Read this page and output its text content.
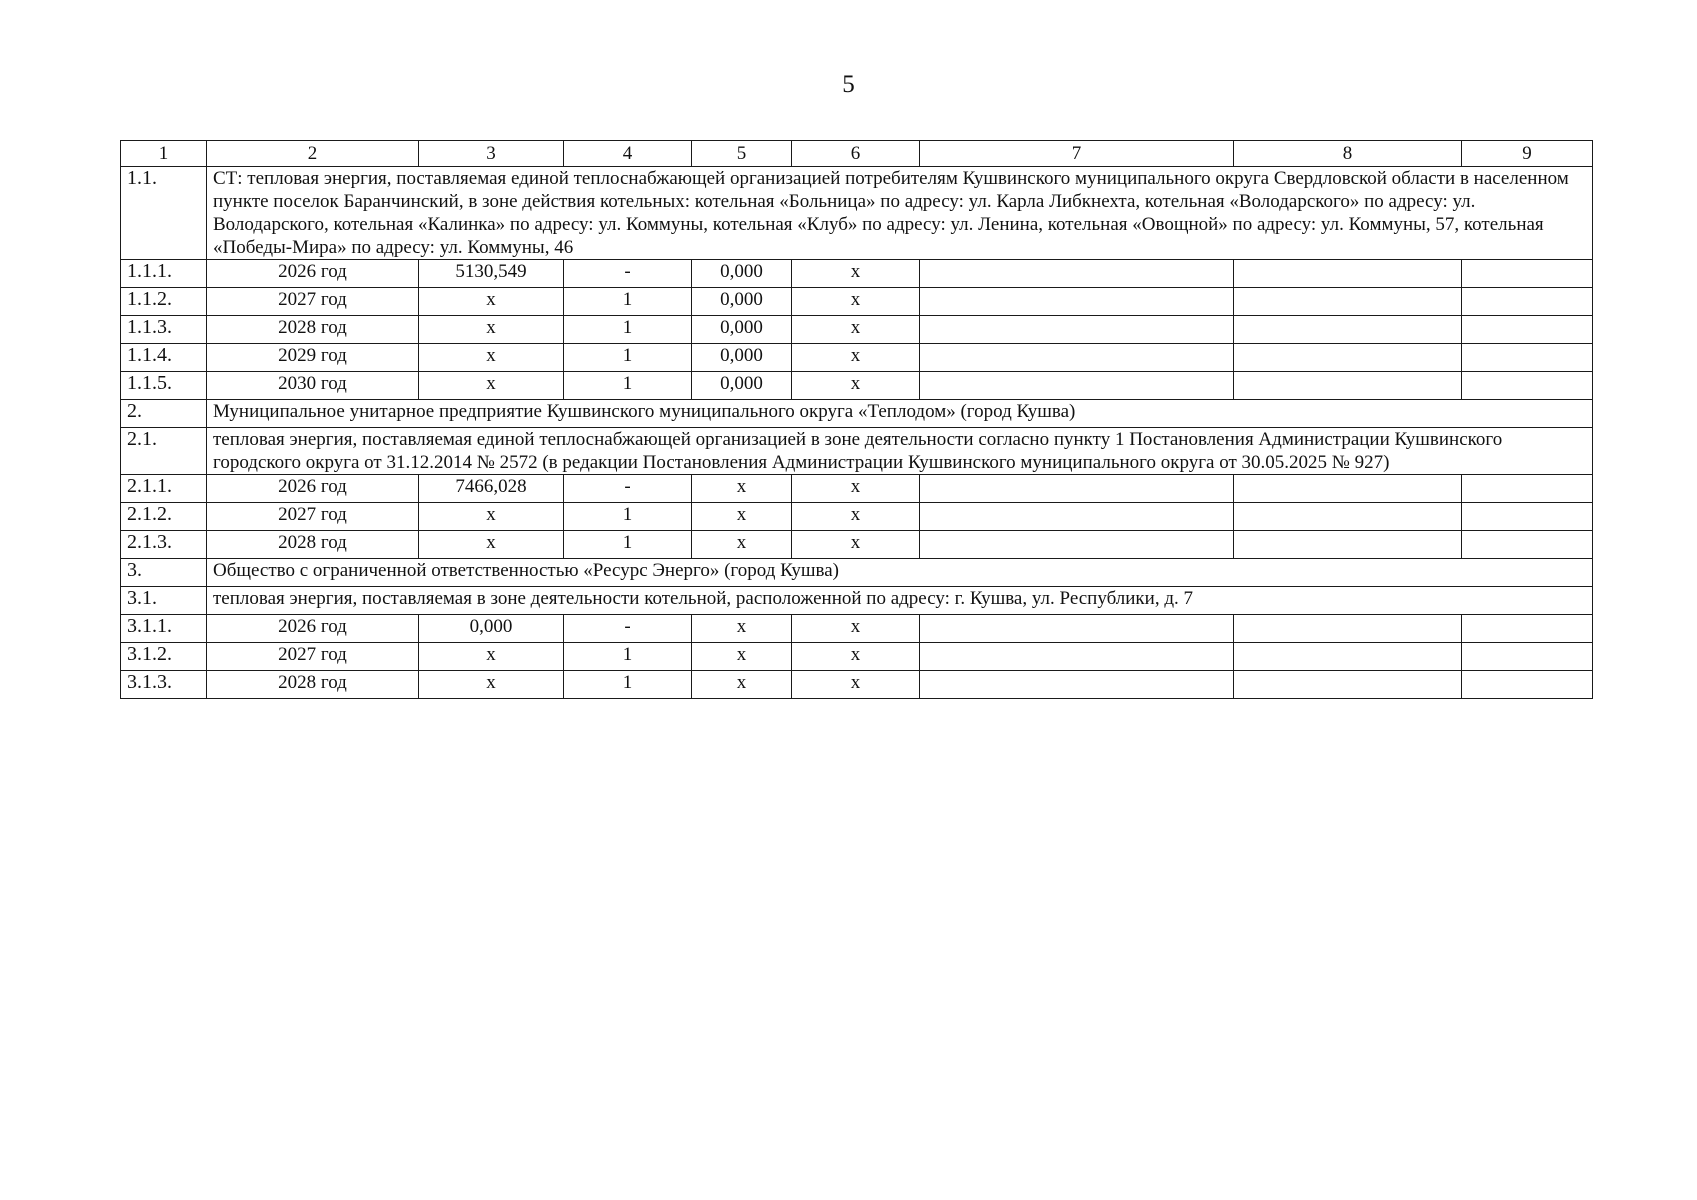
5
1	2	3	4	5	6	7	8	9
1.1.	СТ: тепловая энергия, поставляемая единой теплоснабжающей организацией потребителям Кушвинского муниципального округа Свердловской области в населенном пункте поселок Баранчинский, в зоне действия котельных: котельная «Больница» по адресу: ул. Карла Либкнехта, котельная «Володарского» по адресу: ул. Володарского, котельная «Калинка» по адресу: ул. Коммуны, котельная «Клуб» по адресу: ул. Ленина, котельная «Овощной» по адресу: ул. Коммуны, 57, котельная «Победы-Мира» по адресу: ул. Коммуны, 46							
1.1.1.	2026 год	5130,549	-	0,000	x			
1.1.2.	2027 год	x	1	0,000	x			
1.1.3.	2028 год	x	1	0,000	x			
1.1.4.	2029 год	x	1	0,000	x			
1.1.5.	2030 год	x	1	0,000	x			
2.	Муниципальное унитарное предприятие Кушвинского муниципального округа «Теплодом» (город Кушва)							
2.1.	тепловая энергия, поставляемая единой теплоснабжающей организацией в зоне деятельности согласно пункту 1 Постановления Администрации Кушвинского городского округа от 31.12.2014 № 2572 (в редакции Постановления Администрации Кушвинского муниципального округа от 30.05.2025 № 927)							
2.1.1.	2026 год	7466,028	-	x	x			
2.1.2.	2027 год	x	1	x	x			
2.1.3.	2028 год	x	1	x	x			
3.	Общество с ограниченной ответственностью «Ресурс Энерго» (город Кушва)							
3.1.	тепловая энергия, поставляемая в зоне деятельности котельной, расположенной по адресу: г. Кушва, ул. Республики, д. 7							
3.1.1.	2026 год	0,000	-	x	x			
3.1.2.	2027 год	x	1	x	x			
3.1.3.	2028 год	x	1	x	x			
